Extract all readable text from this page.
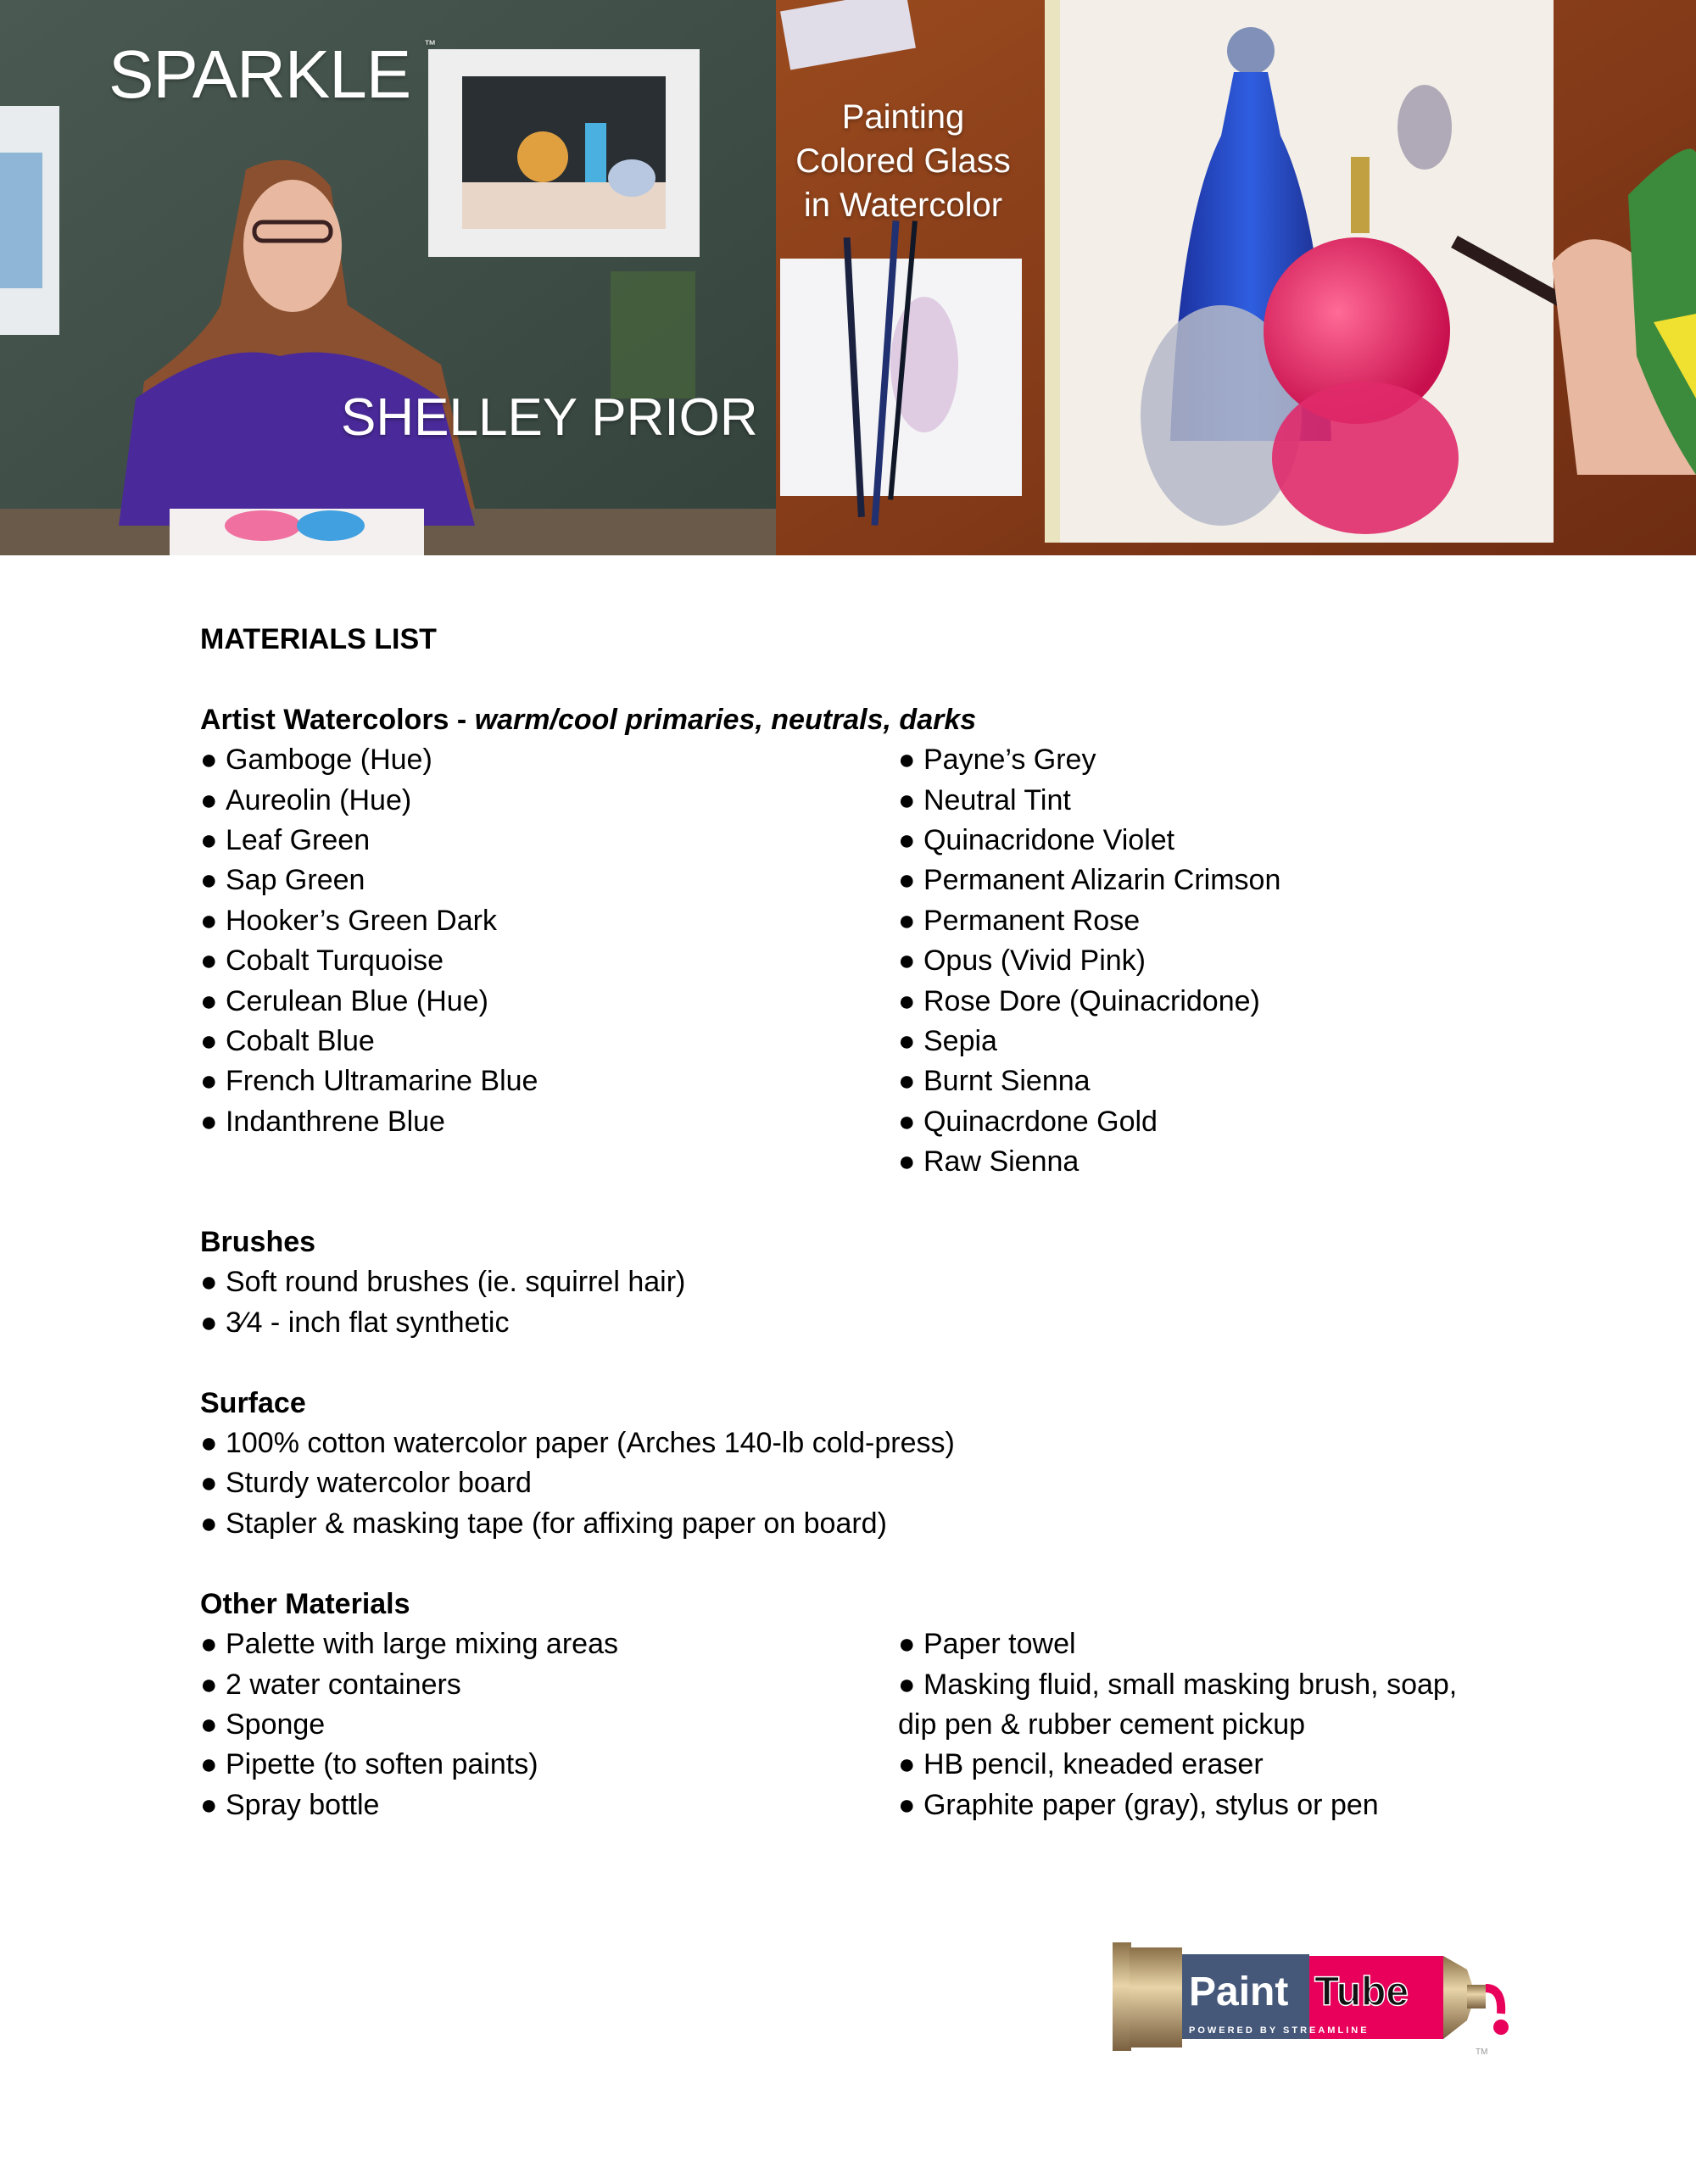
SPARKLE ™
SHELLEY PRIOR
Painting
Colored Glass
in Watercolor
MATERIALS LIST
Artist Watercolors - warm/cool primaries, neutrals, darks
● Gamboge (Hue)
● Aureolin (Hue)
● Leaf Green
● Sap Green
● Hooker’s Green Dark
● Cobalt Turquoise
● Cerulean Blue (Hue)
● Cobalt Blue
● French Ultramarine Blue
● Indanthrene Blue
● Payne’s Grey
● Neutral Tint
● Quinacridone Violet
● Permanent Alizarin Crimson
● Permanent Rose
● Opus (Vivid Pink)
● Rose Dore (Quinacridone)
● Sepia
● Burnt Sienna
● Quinacrdone Gold
● Raw Sienna
Brushes
● Soft round brushes (ie. squirrel hair)
● 3⁄4 - inch flat synthetic
Surface
● 100% cotton watercolor paper (Arches 140-lb cold-press)
● Sturdy watercolor board
● Stapler & masking tape (for affixing paper on board)
Other Materials
● Palette with large mixing areas
● 2 water containers
● Sponge
● Pipette (to soften paints)
● Spray bottle
● Paper towel
● Masking fluid, small masking brush, soap, dip pen & rubber cement pickup
● HB pencil, kneaded eraser
● Graphite paper (gray), stylus or pen
Paint Tube
POWERED BY STREAMLINE
TM
